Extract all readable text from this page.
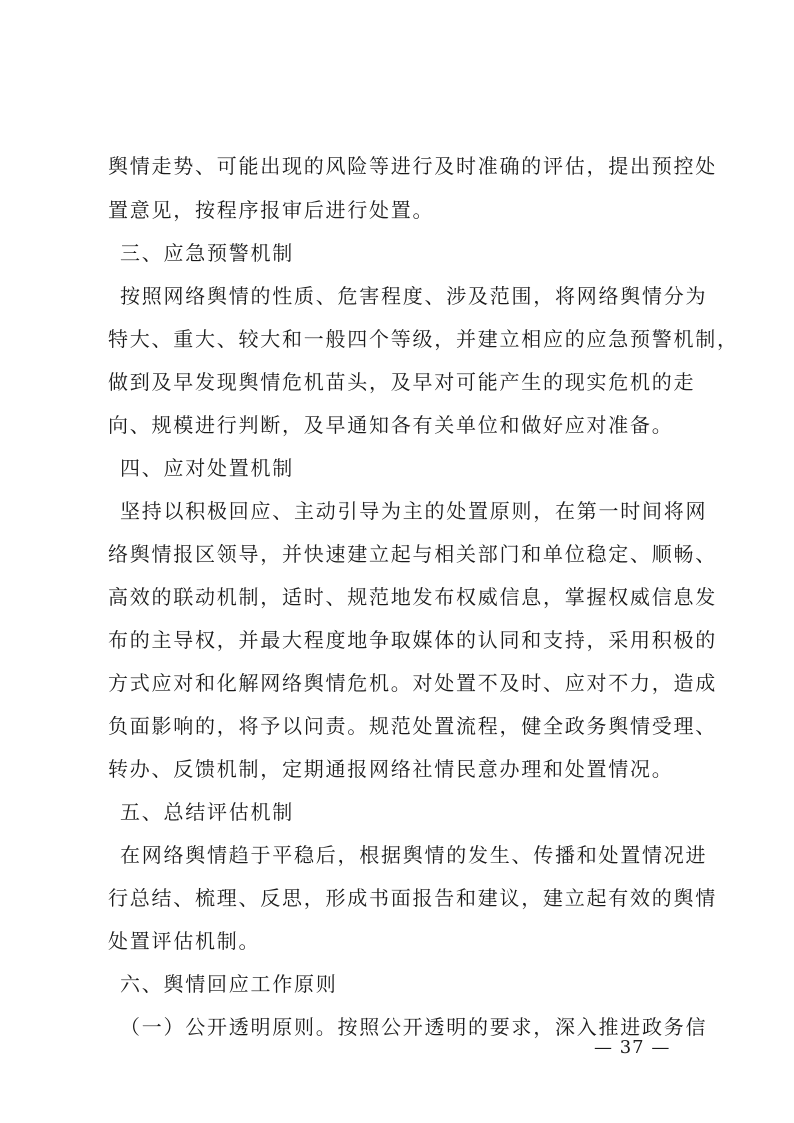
舆情走势、可能出现的风险等进行及时准确的评估，提出预控处
置意见，按程序报审后进行处置。
三、应急预警机制
按照网络舆情的性质、危害程度、涉及范围，将网络舆情分为
特大、重大、较大和一般四个等级，并建立相应的应急预警机制，
做到及早发现舆情危机苗头，及早对可能产生的现实危机的走
向、规模进行判断，及早通知各有关单位和做好应对准备。
四、应对处置机制
坚持以积极回应、主动引导为主的处置原则，在第一时间将网
络舆情报区领导，并快速建立起与相关部门和单位稳定、顺畅、
高效的联动机制，适时、规范地发布权威信息，掌握权威信息发
布的主导权，并最大程度地争取媒体的认同和支持，采用积极的
方式应对和化解网络舆情危机。对处置不及时、应对不力，造成
负面影响的，将予以问责。规范处置流程，健全政务舆情受理、
转办、反馈机制，定期通报网络社情民意办理和处置情况。
五、总结评估机制
在网络舆情趋于平稳后，根据舆情的发生、传播和处置情况进
行总结、梳理、反思，形成书面报告和建议，建立起有效的舆情
处置评估机制。
六、舆情回应工作原则
（一）公开透明原则。按照公开透明的要求，深入推进政务信
— 37 —
